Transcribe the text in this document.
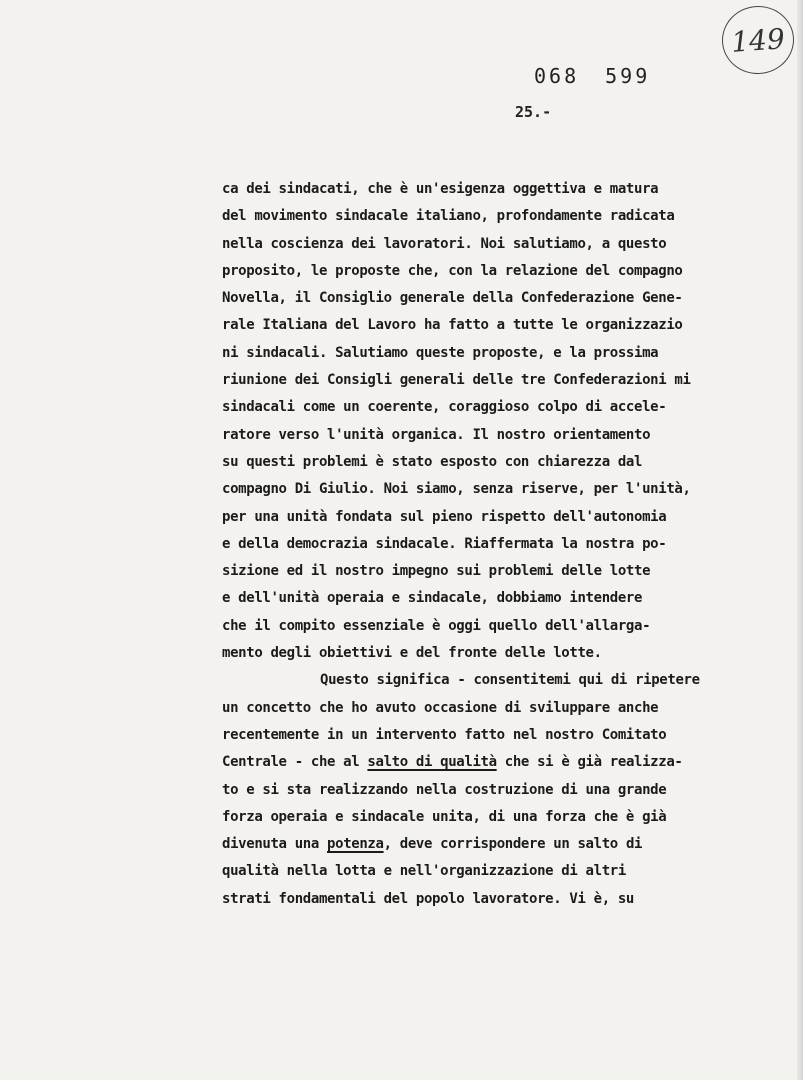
149
068 599
25.-
ca dei sindacati, che è un'esigenza oggettiva e matura
del movimento sindacale italiano, profondamente radicata
nella coscienza dei lavoratori. Noi salutiamo, a questo
proposito, le proposte che, con la relazione del compagno
Novella, il Consiglio generale della Confederazione Gene-
rale Italiana del Lavoro ha fatto a tutte le organizzazio
ni sindacali. Salutiamo queste proposte, e la prossima
riunione dei Consigli generali delle tre Confederazioni mi
sindacali come un coerente, coraggioso colpo di accele-
ratore verso l'unità organica. Il nostro orientamento
su questi problemi è stato esposto con chiarezza dal
compagno Di Giulio. Noi siamo, senza riserve, per l'unità,
per una unità fondata sul pieno rispetto dell'autonomia
e della democrazia sindacale. Riaffermata la nostra po-
sizione ed il nostro impegno sui problemi delle lotte
e dell'unità operaia e sindacale, dobbiamo intendere
che il compito essenziale è oggi quello dell'allarga-
mento degli obiettivi e del fronte delle lotte.
Questo significa - consentitemi qui di ripetere
un concetto che ho avuto occasione di sviluppare anche
recentemente in un intervento fatto nel nostro Comitato
Centrale - che al salto di qualità che si è già realizza-
to e si sta realizzando nella costruzione di una grande
forza operaia e sindacale unita, di una forza che è già
divenuta una potenza, deve corrispondere un salto di
qualità nella lotta e nell'organizzazione di altri
strati fondamentali del popolo lavoratore. Vi è, su
